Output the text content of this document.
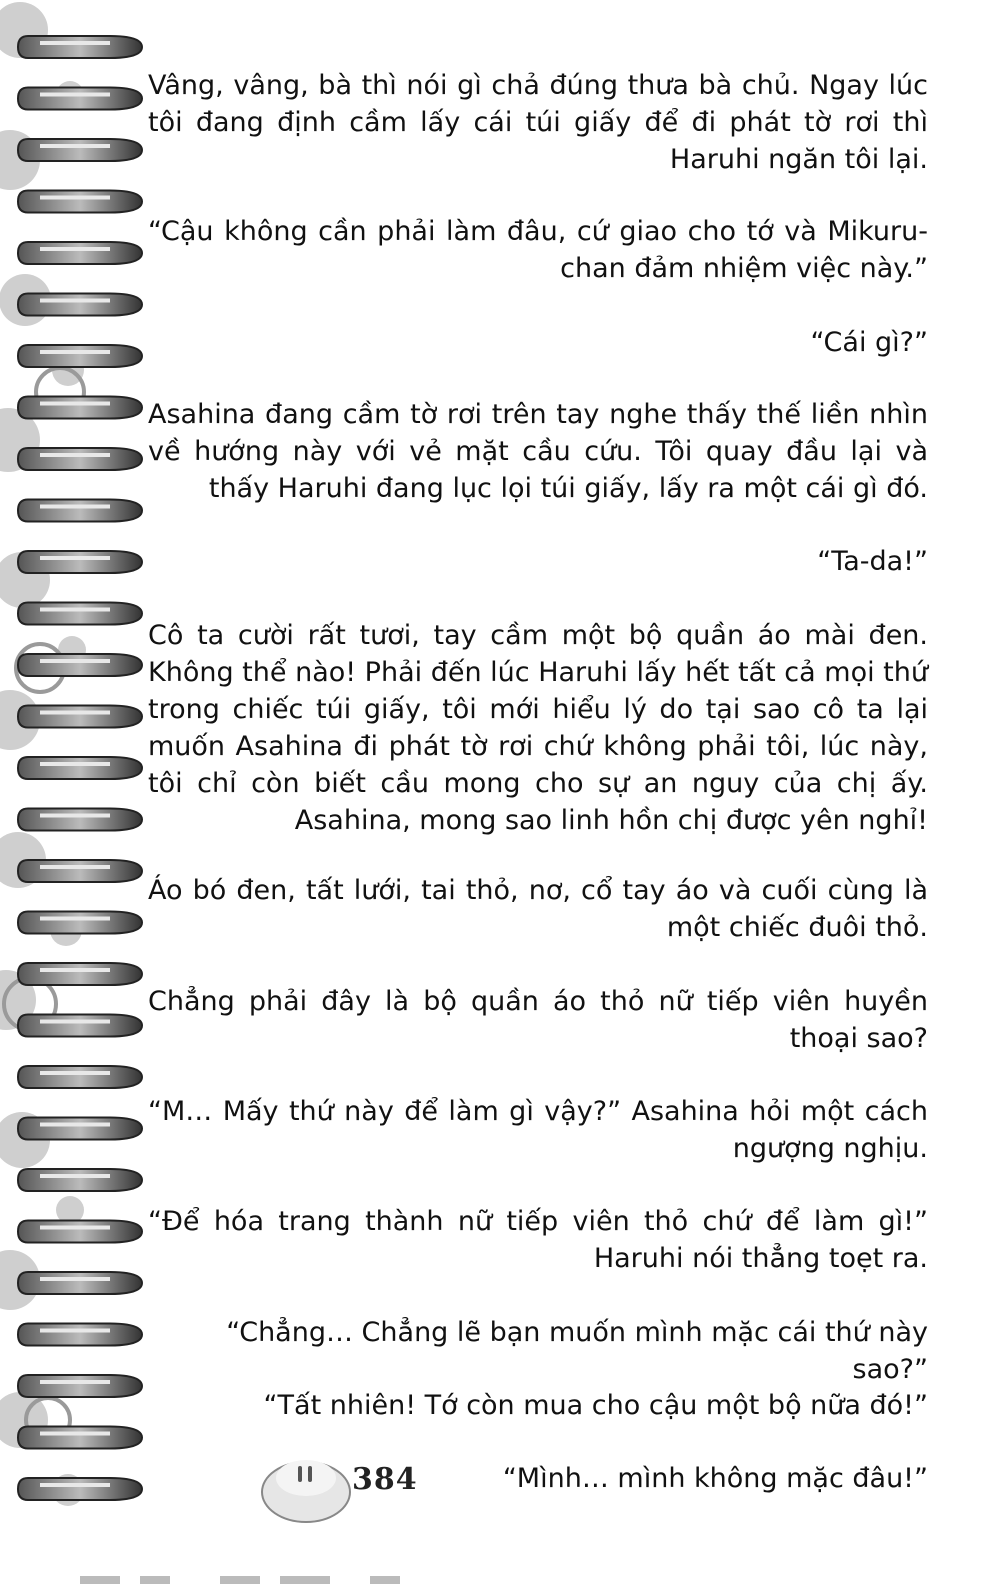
Vâng, vâng, bà thì nói gì chả đúng thưa bà chủ. Ngay lúc tôi đang định cầm lấy cái túi giấy để đi phát tờ rơi thì Haruhi ngăn tôi lại.
“Cậu không cần phải làm đâu, cứ giao cho tớ và Mikuru-chan đảm nhiệm việc này.”
“Cái gì?”
Asahina đang cầm tờ rơi trên tay nghe thấy thế liền nhìn về hướng này với vẻ mặt cầu cứu. Tôi quay đầu lại và thấy Haruhi đang lục lọi túi giấy, lấy ra một cái gì đó.
“Ta-da!”
Cô ta cười rất tươi, tay cầm một bộ quần áo mài đen. Không thể nào! Phải đến lúc Haruhi lấy hết tất cả mọi thứ trong chiếc túi giấy, tôi mới hiểu lý do tại sao cô ta lại muốn Asahina đi phát tờ rơi chứ không phải tôi, lúc này, tôi chỉ còn biết cầu mong cho sự an nguy của chị ấy. Asahina, mong sao linh hồn chị được yên nghỉ!
Áo bó đen, tất lưới, tai thỏ, nơ, cổ tay áo và cuối cùng là một chiếc đuôi thỏ.
Chẳng phải đây là bộ quần áo thỏ nữ tiếp viên huyền thoại sao?
“M… Mấy thứ này để làm gì vậy?” Asahina hỏi một cách ngượng nghịu.
“Để hóa trang thành nữ tiếp viên thỏ chứ để làm gì!” Haruhi nói thẳng toẹt ra.
“Chẳng… Chẳng lẽ bạn muốn mình mặc cái thứ này sao?”
“Tất nhiên! Tớ còn mua cho cậu một bộ nữa đó!”
“Mình… mình không mặc đâu!”
384
